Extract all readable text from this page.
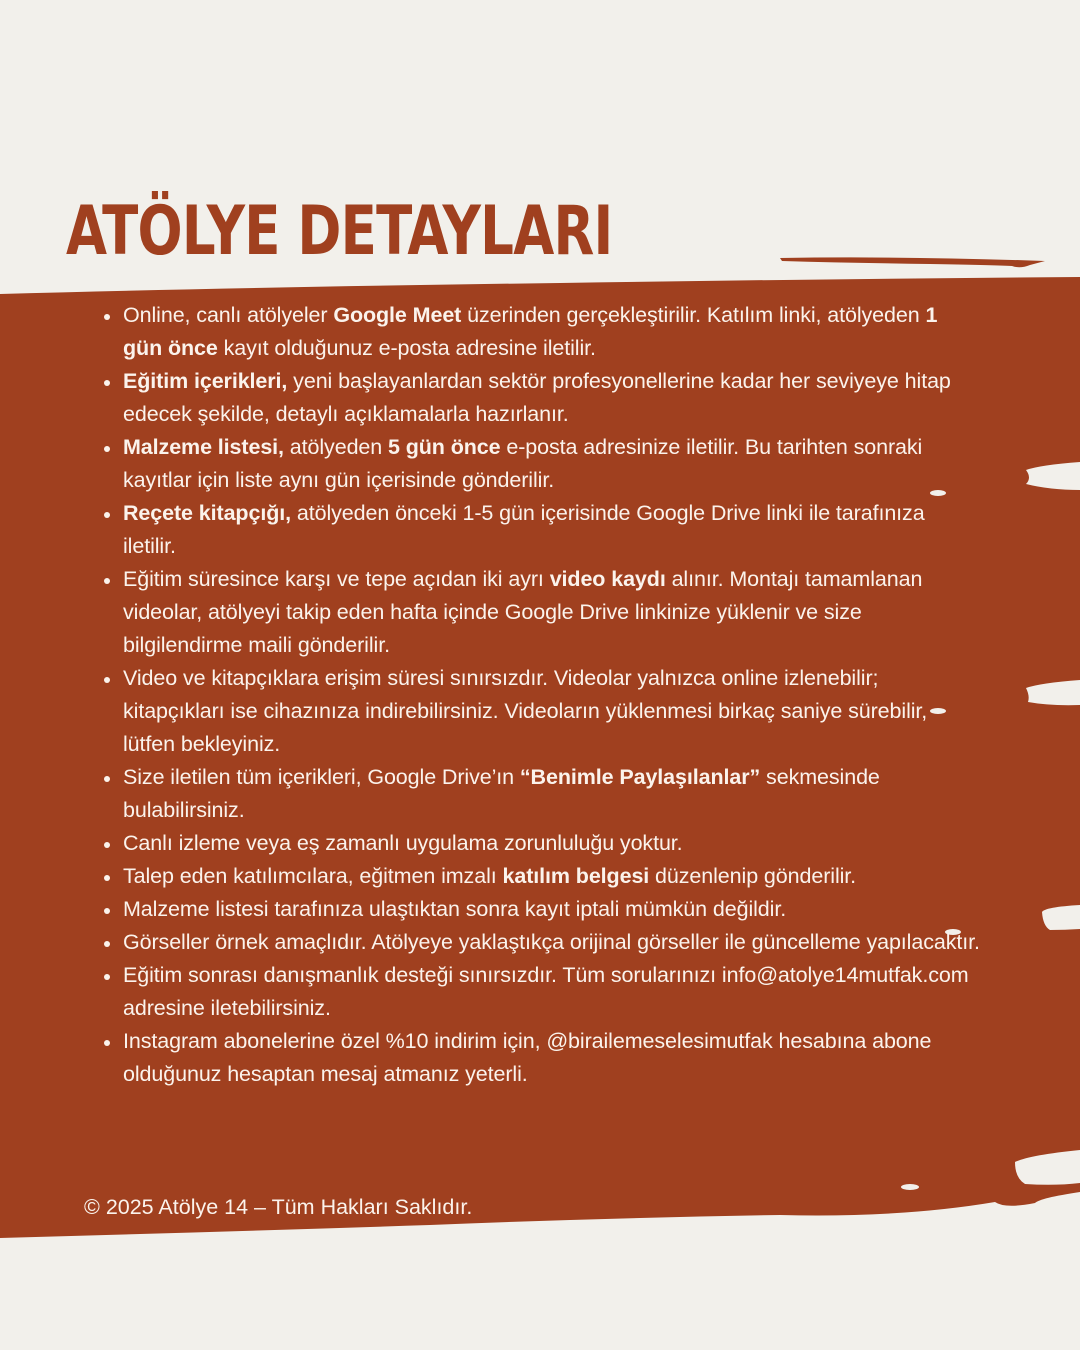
ATÖLYE DETAYLARI
Online, canlı atölyeler Google Meet üzerinden gerçekleştirilir. Katılım linki, atölyeden 1 gün önce kayıt olduğunuz e-posta adresine iletilir.
Eğitim içerikleri, yeni başlayanlardan sektör profesyonellerine kadar her seviyeye hitap edecek şekilde, detaylı açıklamalarla hazırlanır.
Malzeme listesi, atölyeden 5 gün önce e-posta adresinize iletilir. Bu tarihten sonraki kayıtlar için liste aynı gün içerisinde gönderilir.
Reçete kitapçığı, atölyeden önceki 1-5 gün içerisinde Google Drive linki ile tarafınıza iletilir.
Eğitim süresince karşı ve tepe açıdan iki ayrı video kaydı alınır. Montajı tamamlanan videolar, atölyeyi takip eden hafta içinde Google Drive linkinize yüklenir ve size bilgilendirme maili gönderilir.
Video ve kitapçıklara erişim süresi sınırsızdır. Videolar yalnızca online izlenebilir; kitapçıkları ise cihazınıza indirebilirsiniz. Videoların yüklenmesi birkaç saniye sürebilir, lütfen bekleyiniz.
Size iletilen tüm içerikleri, Google Drive’ın “Benimle Paylaşılanlar” sekmesinde bulabilirsiniz.
Canlı izleme veya eş zamanlı uygulama zorunluluğu yoktur.
Talep eden katılımcılara, eğitmen imzalı katılım belgesi düzenlenip gönderilir.
Malzeme listesi tarafınıza ulaştıktan sonra kayıt iptali mümkün değildir.
Görseller örnek amaçlıdır. Atölyeye yaklaştıkça orijinal görseller ile güncelleme yapılacaktır.
Eğitim sonrası danışmanlık desteği sınırsızdır. Tüm sorularınızı info@atolye14mutfak.com adresine iletebilirsiniz.
Instagram abonelerine özel %10 indirim için, @birailemeselesimutfak hesabına abone olduğunuz hesaptan mesaj atmanız yeterli.
© 2025 Atölye 14 – Tüm Hakları Saklıdır.
